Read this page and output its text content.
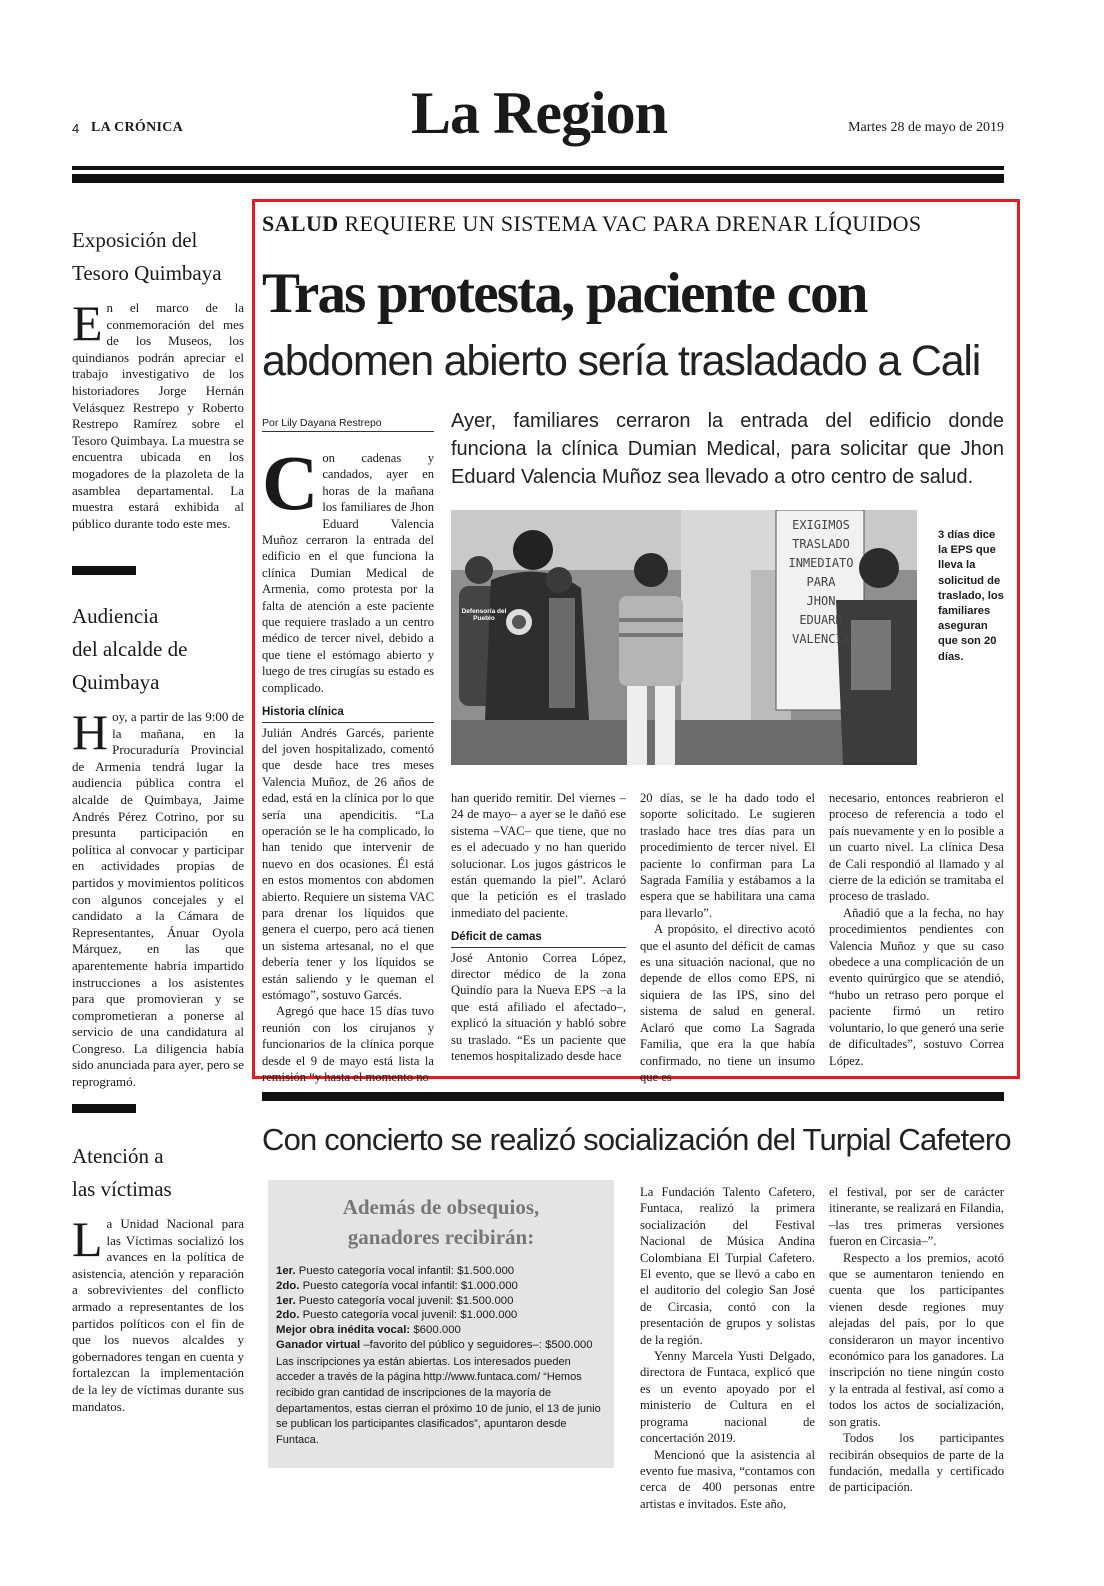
4 LA CRÓNICA	La Region	Martes 28 de mayo de 2019
Exposición del
Tesoro Quimbaya
En el marco de la conmemoración del mes de los Museos, los quindianos podrán apreciar el trabajo investigativo de los historiadores Jorge Hernán Velásquez Restrepo y Roberto Restrepo Ramírez sobre el Tesoro Quimbaya. La muestra se encuentra ubicada en los mogadores de la plazoleta de la asamblea departamental. La muestra estará exhibida al público durante todo este mes.
Audiencia
del alcalde de
Quimbaya
Hoy, a partir de las 9:00 de la mañana, en la Procuraduría Provincial de Armenia tendrá lugar la audiencia pública contra el alcalde de Quimbaya, Jaime Andrés Pérez Cotrino, por su presunta participación en política al convocar y participar en actividades propias de partidos y movimientos políticos con algunos concejales y el candidato a la Cámara de Representantes, Ánuar Oyola Márquez, en las que aparentemente habría impartido instrucciones a los asistentes para que promovieran y se comprometieran a ponerse al servicio de una candidatura al Congreso. La diligencia había sido anunciada para ayer, pero se reprogramó.
Atención a
las víctimas
La Unidad Nacional para las Víctimas socializó los avances en la política de asistencia, atención y reparación a sobrevivientes del conflicto armado a representantes de los partidos políticos con el fin de que los nuevos alcaldes y gobernadores tengan en cuenta y fortalezcan la implementación de la ley de víctimas durante sus mandatos.
SALUD REQUIERE UN SISTEMA VAC PARA DRENAR LÍQUIDOS
Tras protesta, paciente con
abdomen abierto sería trasladado a Cali
Por Lily Dayana Restrepo	Ayer, familiares cerraron la entrada del edificio donde funciona la clínica Dumian Medical, para solicitar que Jhon Eduard Valencia Muñoz sea llevado a otro centro de salud.
Defensoría del Pueblo
EXIGIMOS
TRASLADO
INMEDIATO
PARA
JHON
EDUARD
VALENCIA
3 días dice la EPS que lleva la solicitud de traslado, los familiares aseguran que son 20 días.

Con cadenas y candados, ayer en horas de la mañana los familiares de Jhon Eduard Valencia Muñoz cerraron la entrada del edificio en el que funciona la clínica Dumian Medical de Armenia, como protesta por la falta de atención a este paciente que requiere traslado a un centro médico de tercer nivel, debido a que tiene el estómago abierto y luego de tres cirugías su estado es complicado.

Historia clínica

Julián Andrés Garcés, pariente del joven hospitalizado, comentó que desde hace tres meses Valencia Muñoz, de 26 años de edad, está en la clínica por lo que sería una apendicitis. “La operación se le ha complicado, lo han tenido que intervenir de nuevo en dos ocasiones. Él está en estos momentos con abdomen abierto. Requiere un sistema VAC para drenar los líquidos que genera el cuerpo, pero acá tienen un sistema artesanal, no el que debería tener y los líquidos se están saliendo y le queman el estómago”, sostuvo Garcés.

Agregó que hace 15 días tuvo reunión con los cirujanos y funcionarios de la clínica porque desde el 9 de mayo está lista la remisión “y hasta el momento no

han querido remitir. Del viernes –24 de mayo– a ayer se le dañó ese sistema –VAC– que tiene, que no es el adecuado y no han querido solucionar. Los jugos gástricos le están quemando la piel”. Aclaró que la petición es el traslado inmediato del paciente.

Déficit de camas

José Antonio Correa López, director médico de la zona Quindío para la Nueva EPS –a la que está afiliado el afectado–, explicó la situación y habló sobre su traslado. “Es un paciente que tenemos hospitalizado desde hace

20 días, se le ha dado todo el soporte solicitado. Le sugieren traslado hace tres días para un procedimiento de tercer nivel. El paciente lo confirman para La Sagrada Familia y estábamos a la espera que se habilitara una cama para llevarlo”.

A propósito, el directivo acotó que el asunto del déficit de camas es una situación nacional, que no depende de ellos como EPS, ni siquiera de las IPS, sino del sistema de salud en general. Aclaró que como La Sagrada Familia, que era la que había confirmado, no tiene un insumo que es

necesario, entonces reabrieron el proceso de referencia a todo el país nuevamente y en lo posible a un cuarto nivel. La clínica Desa de Cali respondió al llamado y al cierre de la edición se tramitaba el proceso de traslado.

Añadió que a la fecha, no hay procedimientos pendientes con Valencia Muñoz y que su caso obedece a una complicación de un evento quirúrgico que se atendió, “hubo un retraso pero porque el paciente firmó un retiro voluntario, lo que generó una serie de dificultades”, sostuvo Correa López.

Con concierto se realizó socialización del Turpial Cafetero
Además de obsequios,
ganadores recibirán:
1er. Puesto categoría vocal infantil: $1.500.000
2do. Puesto categoría vocal infantil: $1.000.000
1er. Puesto categoría vocal juvenil: $1.500.000
2do. Puesto categoría vocal juvenil: $1.000.000
Mejor obra inédita vocal: $600.000
Ganador virtual –favorito del público y seguidores–: $500.000
Las inscripciones ya están abiertas. Los interesados pueden acceder a través de la página http://www.funtaca.com/ “Hemos recibido gran cantidad de inscripciones de la mayoría de departamentos, estas cierran el próximo 10 de junio, el 13 de junio se publican los participantes clasificados”, apuntaron desde Funtaca.

La Fundación Talento Cafetero, Funtaca, realizó la primera socialización del Festival Nacional de Música Andina Colombiana El Turpial Cafetero. El evento, que se llevó a cabo en el auditorio del colegio San José de Circasia, contó con la presentación de grupos y solistas de la región.

Yenny Marcela Yusti Delgado, directora de Funtaca, explicó que es un evento apoyado por el ministerio de Cultura en el programa nacional de concertación 2019.

Mencionó que la asistencia al evento fue masiva, “contamos con cerca de 400 personas entre artistas e invitados. Este año,

el festival, por ser de carácter itinerante, se realizará en Filandia, –las tres primeras versiones fueron en Circasia–”.

Respecto a los premios, acotó que se aumentaron teniendo en cuenta que los participantes vienen desde regiones muy alejadas del país, por lo que consideraron un mayor incentivo económico para los ganadores. La inscripción no tiene ningún costo y la entrada al festival, así como a todos los actos de socialización, son gratis.

Todos los participantes recibirán obsequios de parte de la fundación, medalla y certificado de participación.
